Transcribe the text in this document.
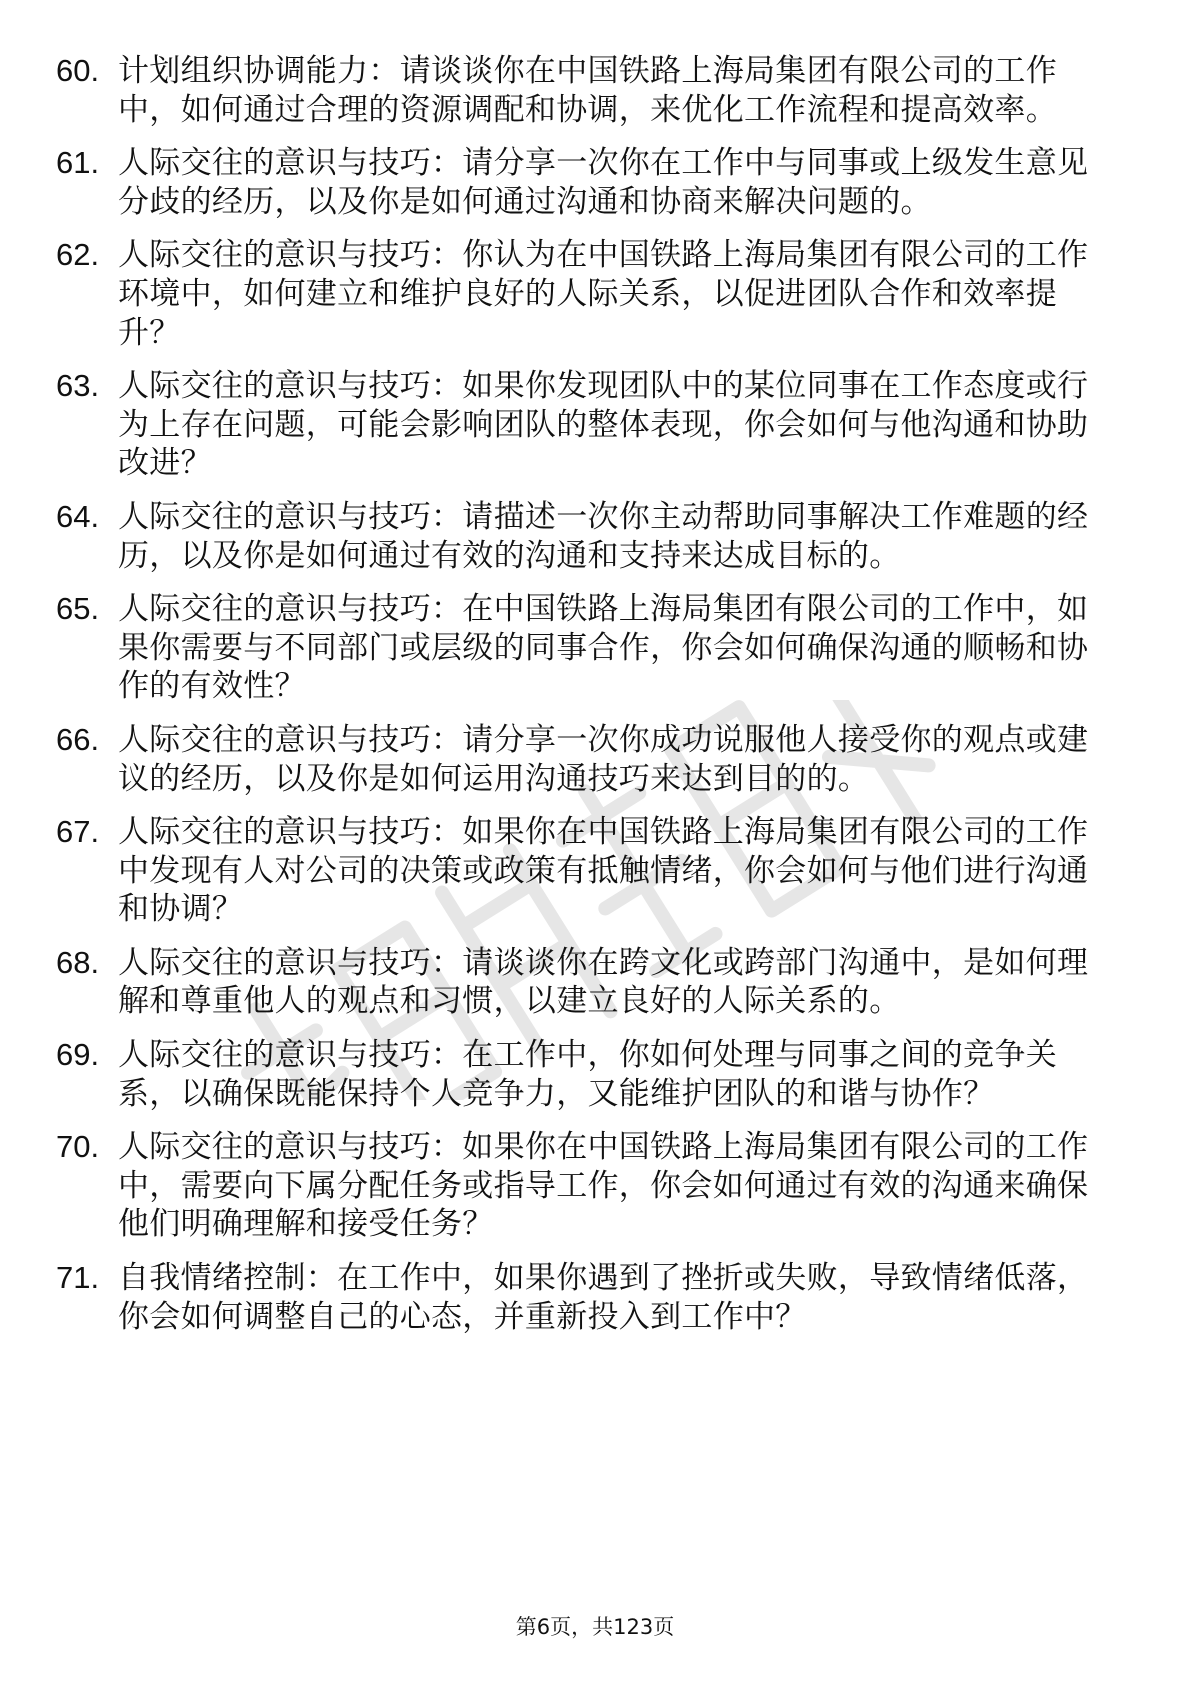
60. 计划组织协调能力：请谈谈你在中国铁路上海局集团有限公司的工作中，如何通过合理的资源调配和协调，来优化工作流程和提高效率。
61. 人际交往的意识与技巧：请分享一次你在工作中与同事或上级发生意见分歧的经历，以及你是如何通过沟通和协商来解决问题的。
62. 人际交往的意识与技巧：你认为在中国铁路上海局集团有限公司的工作环境中，如何建立和维护良好的人际关系，以促进团队合作和效率提升？
63. 人际交往的意识与技巧：如果你发现团队中的某位同事在工作态度或行为上存在问题，可能会影响团队的整体表现，你会如何与他沟通和协助改进？
64. 人际交往的意识与技巧：请描述一次你主动帮助同事解决工作难题的经历，以及你是如何通过有效的沟通和支持来达成目标的。
65. 人际交往的意识与技巧：在中国铁路上海局集团有限公司的工作中，如果你需要与不同部门或层级的同事合作，你会如何确保沟通的顺畅和协作的有效性？
66. 人际交往的意识与技巧：请分享一次你成功说服他人接受你的观点或建议的经历，以及你是如何运用沟通技巧来达到目的的。
67. 人际交往的意识与技巧：如果你在中国铁路上海局集团有限公司的工作中发现有人对公司的决策或政策有抵触情绪，你会如何与他们进行沟通和协调？
68. 人际交往的意识与技巧：请谈谈你在跨文化或跨部门沟通中，是如何理解和尊重他人的观点和习惯，以建立良好的人际关系的。
69. 人际交往的意识与技巧：在工作中，你如何处理与同事之间的竞争关系，以确保既能保持个人竞争力，又能维护团队的和谐与协作？
70. 人际交往的意识与技巧：如果你在中国铁路上海局集团有限公司的工作中，需要向下属分配任务或指导工作，你会如何通过有效的沟通来确保他们明确理解和接受任务？
71. 自我情绪控制：在工作中，如果你遇到了挫折或失败，导致情绪低落，你会如何调整自己的心态，并重新投入到工作中？
第6页，共123页
